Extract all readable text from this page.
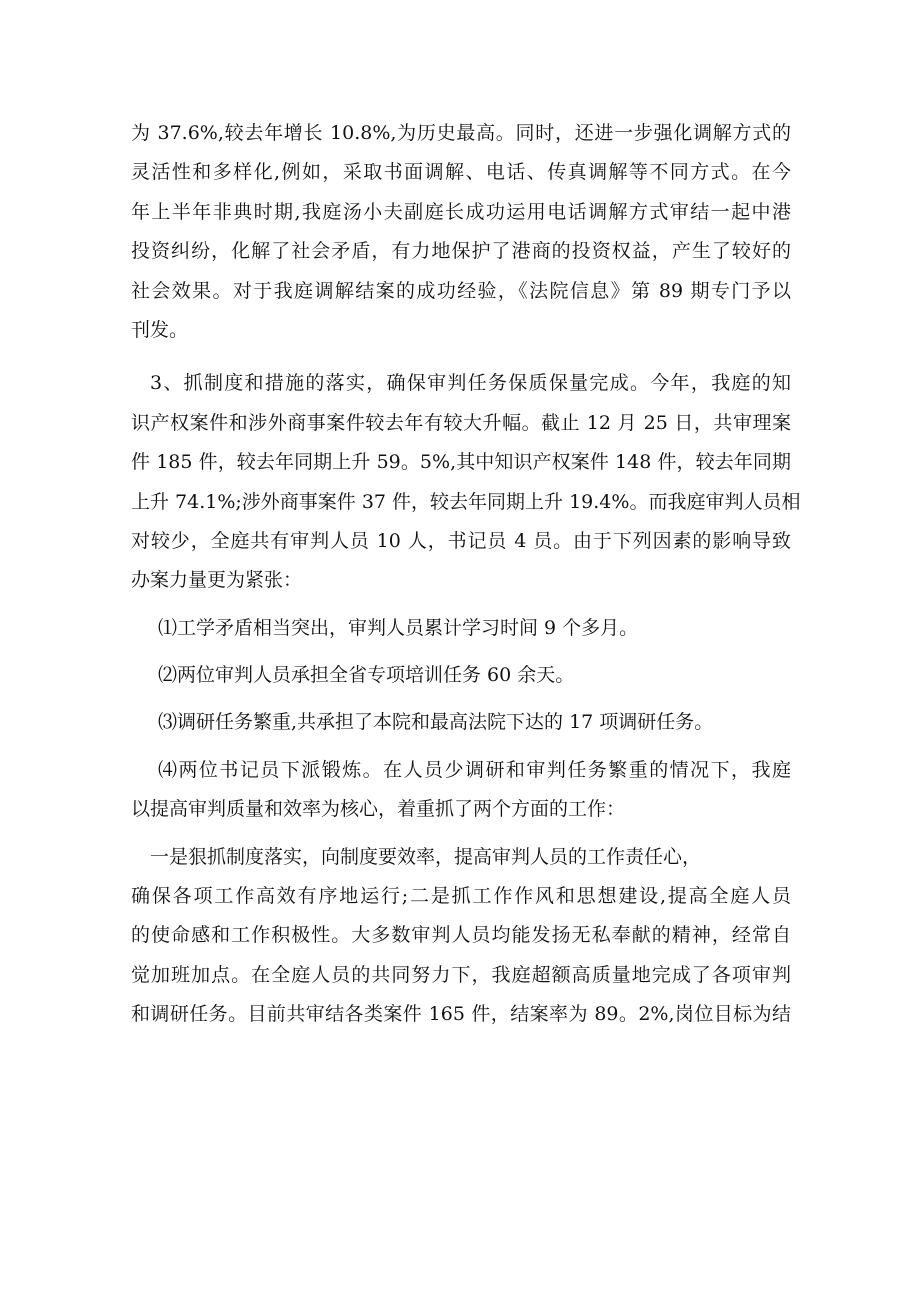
为 37.6%,较去年增长 10.8%,为历史最高。同时，还进一步强化调解方式的
灵活性和多样化,例如，采取书面调解、电话、传真调解等不同方式。在今
年上半年非典时期,我庭汤小夫副庭长成功运用电话调解方式审结一起中港
投资纠纷，化解了社会矛盾，有力地保护了港商的投资权益，产生了较好的
社会效果。对于我庭调解结案的成功经验，《法院信息》第 89 期专门予以
刊发。
3、抓制度和措施的落实，确保审判任务保质保量完成。今年，我庭的知
识产权案件和涉外商事案件较去年有较大升幅。截止 12 月 25 日，共审理案
件 185 件，较去年同期上升 59。5%,其中知识产权案件 148 件，较去年同期
上升 74.1%;涉外商事案件 37 件，较去年同期上升 19.4%。而我庭审判人员相
对较少，全庭共有审判人员 10 人，书记员 4 员。由于下列因素的影响导致
办案力量更为紧张：
⑴工学矛盾相当突出，审判人员累计学习时间 9 个多月。
⑵两位审判人员承担全省专项培训任务 60 余天。
⑶调研任务繁重,共承担了本院和最高法院下达的 17 项调研任务。
⑷两位书记员下派锻炼。在人员少调研和审判任务繁重的情况下，我庭
以提高审判质量和效率为核心，着重抓了两个方面的工作：
一是狠抓制度落实，向制度要效率，提高审判人员的工作责任心，
确保各项工作高效有序地运行;二是抓工作作风和思想建设,提高全庭人员
的使命感和工作积极性。大多数审判人员均能发扬无私奉献的精神，经常自
觉加班加点。在全庭人员的共同努力下，我庭超额高质量地完成了各项审判
和调研任务。目前共审结各类案件 165 件，结案率为 89。2%,岗位目标为结
